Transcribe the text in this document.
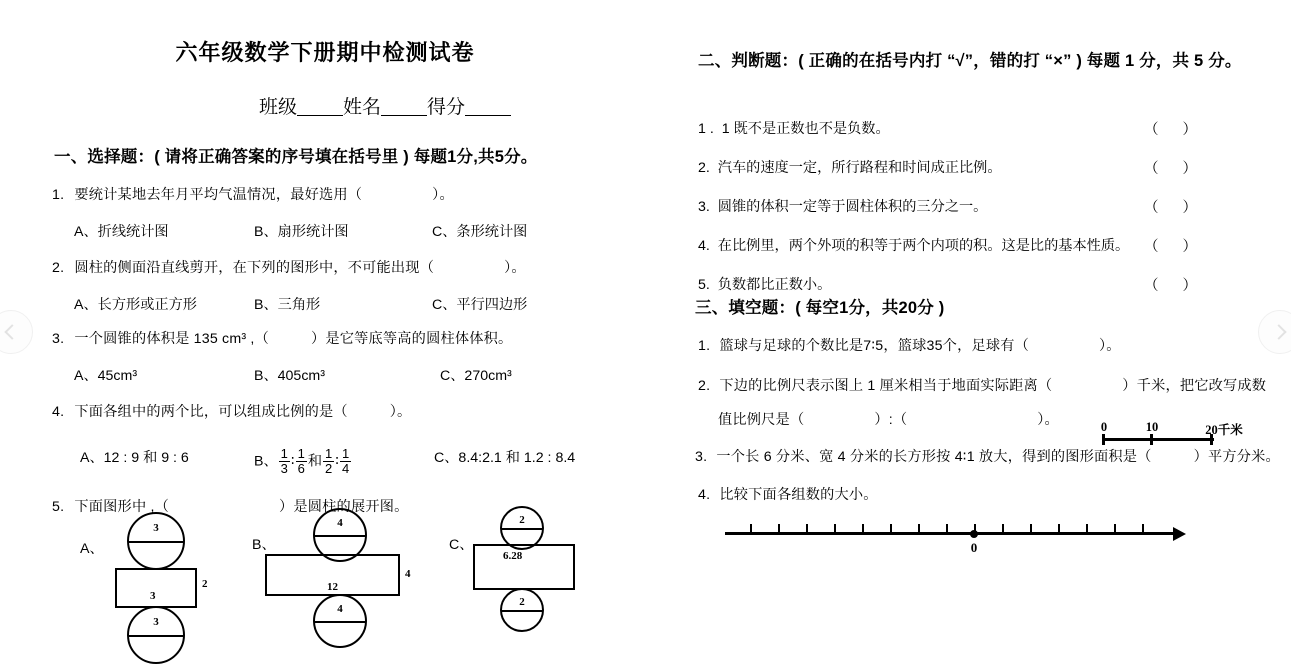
六年级数学下册期中检测试卷
班级 姓名 得分
一、选择题：( 请将正确答案的序号填在括号里 ) 每题1分,共5分。
1. 要统计某地去年月平均气温情况，最好选用（	）。
A、折线统计图	B、扇形统计图	C、条形统计图
2. 圆柱的侧面沿直线剪开，在下列的图形中，不可能出现（	）。
A、长方形或正方形	B、三角形	C、平行四边形
3. 一个圆锥的体积是 135 cm³ ,（	）是它等底等高的圆柱体体积。
A、45cm³	B、405cm³	C、270cm³
4. 下面各组中的两个比，可以组成比例的是（	）。
A、12 : 9 和 9 : 6	B、 $\frac{1}{3}$ ∶ $\frac{1}{6}$ 和 $\frac{1}{2}$ ∶ $\frac{1}{4}$	C、8.4:2.1 和 1.2 : 8.4
5. 下面图形中 ,（	）是圆柱的展开图。
A、
3
3
2
3
B、
4
12
4
4
C、
2
6.28
2
二、判断题：( 正确的在括号内打 “√”，错的打 “×” ) 每题 1 分，共 5 分。
1 . 1 既不是正数也不是负数。	（ ）
2. 汽车的速度一定，所行路程和时间成正比例。	（ ）
3. 圆锥的体积一定等于圆柱体积的三分之一。	（ ）
4. 在比例里，两个外项的积等于两个内项的积。这是比的基本性质。 （ ）
5. 负数都比正数小。	（ ）
三、填空题：( 每空1分，共20分 )
1. 篮球与足球的个数比是7∶5，篮球35个，足球有（	）。
2. 下边的比例尺表示图上 1 厘米相当于地面实际距离（	）千米，把它改写成数
值比例尺是（	）:（	）。
3. 一个长 6 分米、宽 4 分米的长方形按 4∶1 放大，得到的图形面积是（	）平方分米。
4. 比较下面各组数的大小。
0	10	20千米
0
